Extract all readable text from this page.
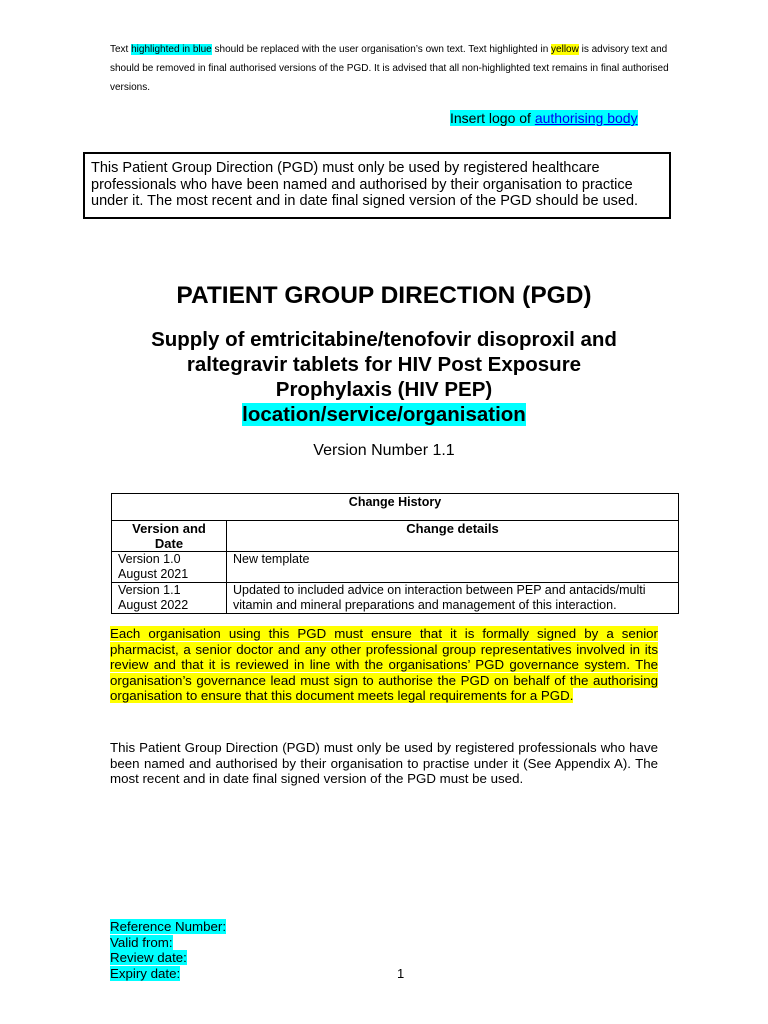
Text highlighted in blue should be replaced with the user organisation’s own text. Text highlighted in yellow is advisory text and should be removed in final authorised versions of the PGD. It is advised that all non-highlighted text remains in final authorised versions.
Insert logo of authorising body
This Patient Group Direction (PGD) must only be used by registered healthcare professionals who have been named and authorised by their organisation to practice under it. The most recent and in date final signed version of the PGD should be used.
PATIENT GROUP DIRECTION (PGD)
Supply of emtricitabine/tenofovir disoproxil and
raltegravir tablets for HIV Post Exposure
Prophylaxis (HIV PEP)
location/service/organisation
Version Number 1.1
Change History	
Version and Date	Change details

Version 1.0
August 2021	New template

Version 1.1
August 2022	Updated to included advice on interaction between PEP and antacids/multi vitamin and mineral preparations and management of this interaction.
Each organisation using this PGD must ensure that it is formally signed by a senior pharmacist, a senior doctor and any other professional group representatives involved in its review and that it is reviewed in line with the organisations’ PGD governance system. The organisation’s governance lead must sign to authorise the PGD on behalf of the authorising organisation to ensure that this document meets legal requirements for a PGD.
This Patient Group Direction (PGD) must only be used by registered professionals who have been named and authorised by their organisation to practise under it (See Appendix A). The most recent and in date final signed version of the PGD must be used.
Reference Number:
Valid from:
Review date:
Expiry date:	1
